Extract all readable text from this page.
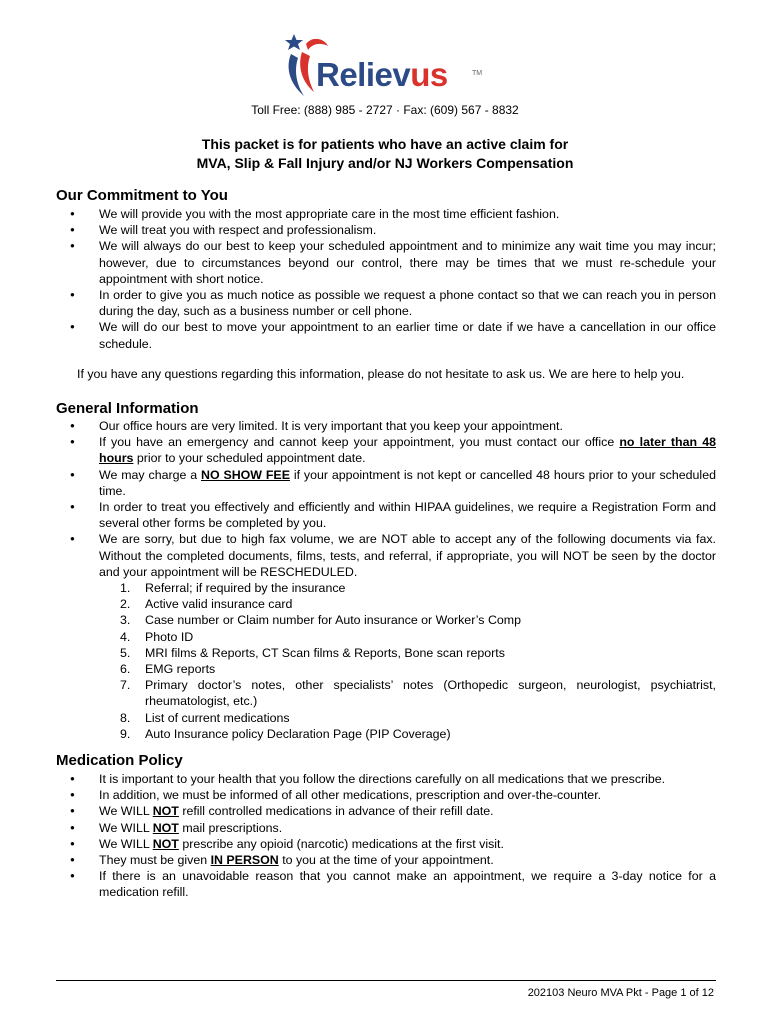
Relievus	TM
Toll Free: (888) 985 - 2727 · Fax: (609) 567 - 8832
This packet is for patients who have an active claim for
MVA, Slip & Fall Injury and/or NJ Workers Compensation
Our Commitment to You
● We will provide you with the most appropriate care in the most time efficient fashion.
● We will treat you with respect and professionalism.
● We will always do our best to keep your scheduled appointment and to minimize any wait time you may incur; however, due to circumstances beyond our control, there may be times that we must re-schedule your appointment with short notice.
● In order to give you as much notice as possible we request a phone contact so that we can reach you in person during the day, such as a business number or cell phone.
● We will do our best to move your appointment to an earlier time or date if we have a cancellation in our office schedule.
If you have any questions regarding this information, please do not hesitate to ask us. We are here to help you.
General Information
● Our office hours are very limited. It is very important that you keep your appointment.
● If you have an emergency and cannot keep your appointment, you must contact our office no later than 48 hours prior to your scheduled appointment date.
● We may charge a NO SHOW FEE if your appointment is not kept or cancelled 48 hours prior to your scheduled time.
● In order to treat you effectively and efficiently and within HIPAA guidelines, we require a Registration Form and several other forms be completed by you.
● We are sorry, but due to high fax volume, we are NOT able to accept any of the following documents via fax. Without the completed documents, films, tests, and referral, if appropriate, you will NOT be seen by the doctor and your appointment will be RESCHEDULED.
1. Referral; if required by the insurance
2. Active valid insurance card
3. Case number or Claim number for Auto insurance or Worker’s Comp
4. Photo ID
5. MRI films & Reports, CT Scan films & Reports, Bone scan reports
6. EMG reports
7. Primary doctor’s notes, other specialists’ notes (Orthopedic surgeon, neurologist, psychiatrist, rheumatologist, etc.)
8. List of current medications
9. Auto Insurance policy Declaration Page (PIP Coverage)
Medication Policy
● It is important to your health that you follow the directions carefully on all medications that we prescribe.
● In addition, we must be informed of all other medications, prescription and over-the-counter.
● We WILL NOT refill controlled medications in advance of their refill date.
● We WILL NOT mail prescriptions.
● We WILL NOT prescribe any opioid (narcotic) medications at the first visit.
● They must be given IN PERSON to you at the time of your appointment.
● If there is an unavoidable reason that you cannot make an appointment, we require a 3-day notice for a medication refill.
202103 Neuro MVA Pkt - Page 1 of 12
